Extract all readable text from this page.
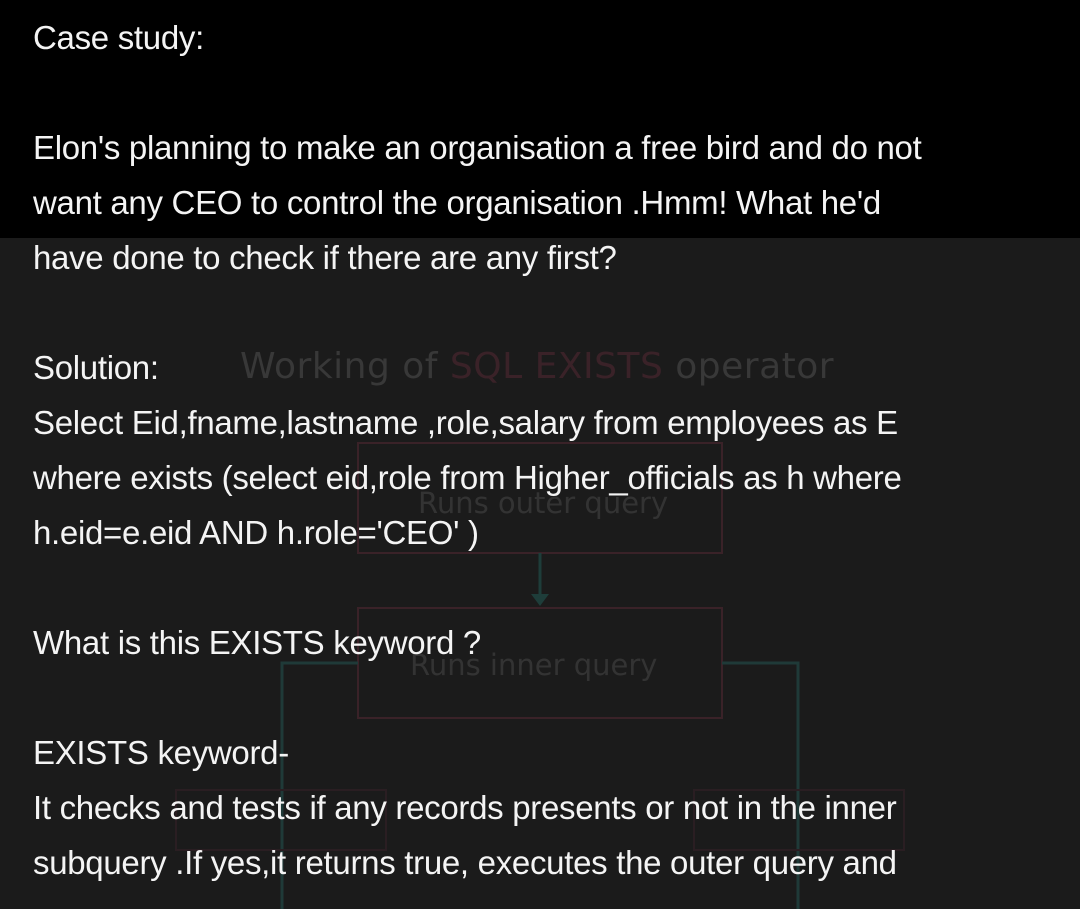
Working of SQL EXISTS operator
Runs outer query
Runs inner query

Case study:

Elon's planning to make an organisation a free bird and do not

want any CEO to control the organisation .Hmm! What he'd

have done to check if there are any first?

Solution:

Select Eid,fname,lastname ,role,salary from employees as E

where exists (select eid,role from Higher_officials as h where

h.eid=e.eid AND h.role='CEO' )

What is this EXISTS keyword ?

EXISTS keyword-

It checks and tests if any records presents or not in the inner

subquery .If yes,it returns true, executes the outer query and
